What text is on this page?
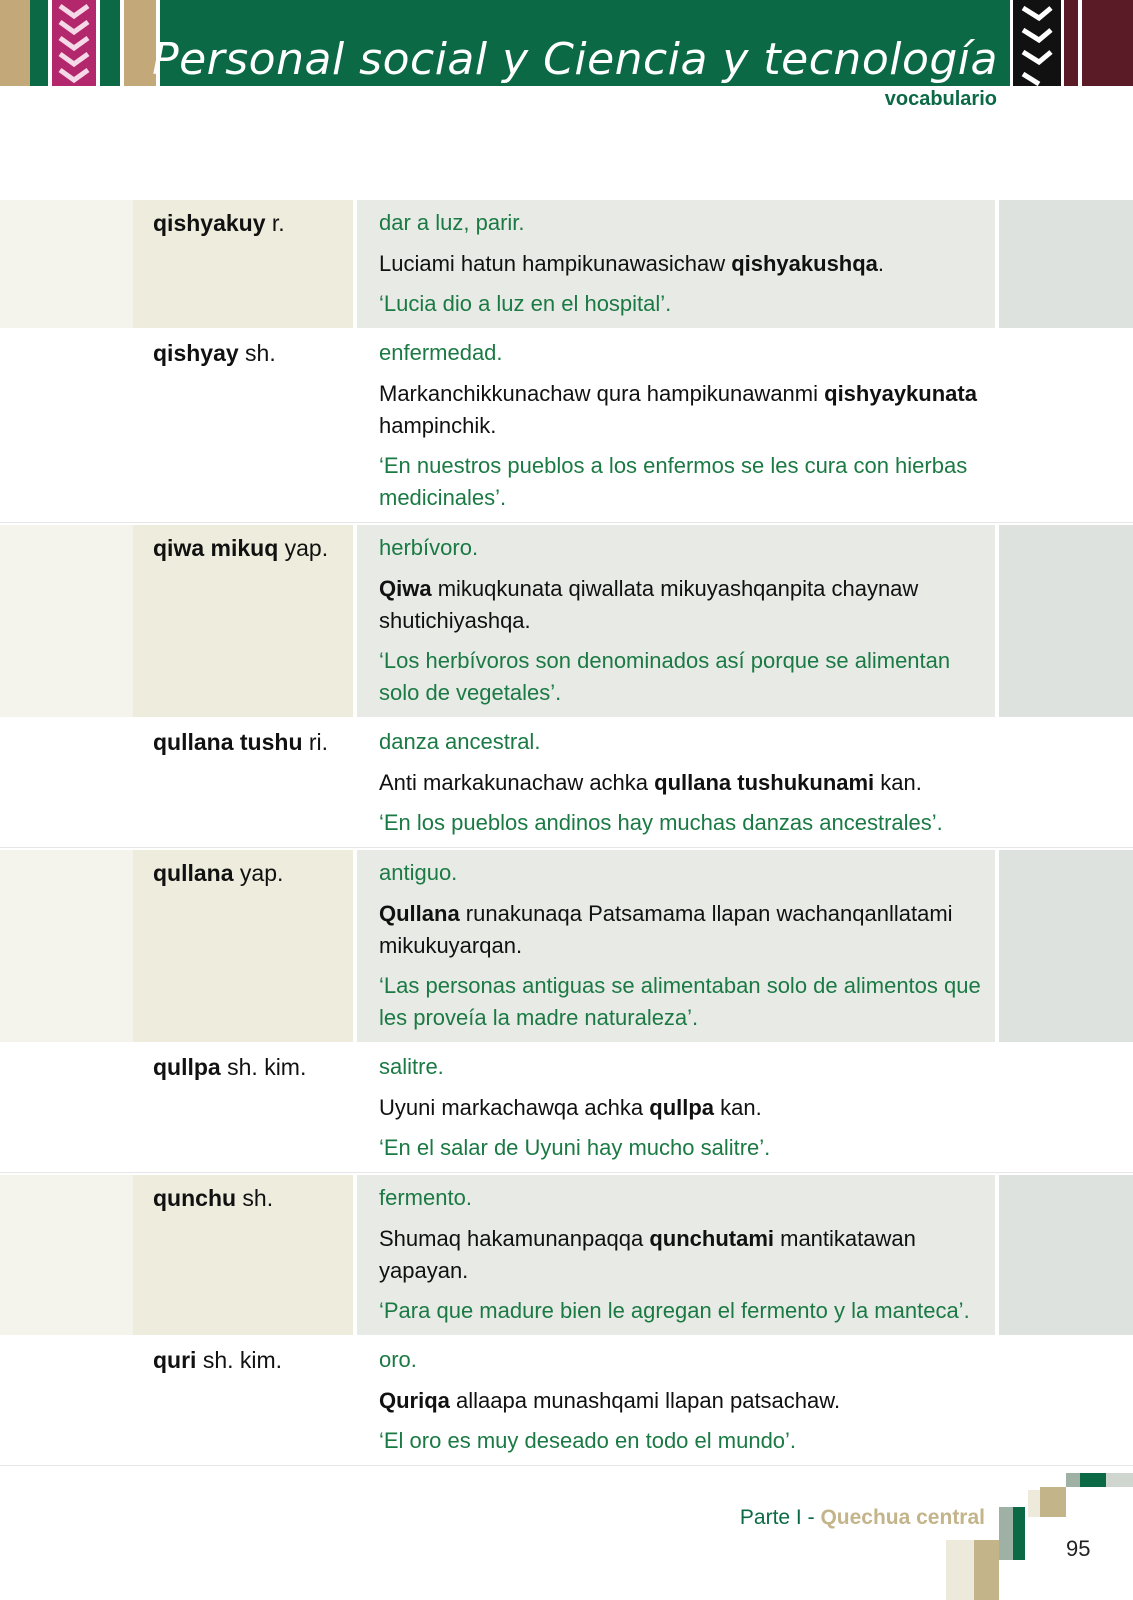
Personal social y Ciencia y tecnología
vocabulario
qishyakuy r.	dar a luz, parir.
Luciami hatun hampikunawasichaw qishyakushqa.
‘Lucia dio a luz en el hospital’.
qishyay sh.	enfermedad.
Markanchikkunachaw qura hampikunawanmi qishyaykunata hampinchik.
‘En nuestros pueblos a los enfermos se les cura con hierbas medicinales’.
qiwa mikuq yap.	herbívoro.
Qiwa mikuqkunata qiwallata mikuyashqanpita chaynaw shutichiyashqa.
‘Los herbívoros son denominados así porque se alimentan solo de vegetales’.
qullana tushu ri.	danza ancestral.
Anti markakunachaw achka qullana tushukunami kan.
‘En los pueblos andinos hay muchas danzas ancestrales’.
qullana yap.	antiguo.
Qullana runakunaqa Patsamama llapan wachanqanllatami mikukuyarqan.
‘Las personas antiguas se alimentaban solo de alimentos que les proveía la madre naturaleza’.
qullpa sh. kim.	salitre.
Uyuni markachawqa achka qullpa kan.
‘En el salar de Uyuni hay mucho salitre’.
qunchu sh.	fermento.
Shumaq hakamunanpaqqa qunchutami mantikatawan yapayan.
‘Para que madure bien le agregan el fermento y la manteca’.
quri sh. kim.	oro.
Quriqa allaapa munashqami llapan patsachaw.
‘El oro es muy deseado en todo el mundo’.
Parte I - Quechua central
95
